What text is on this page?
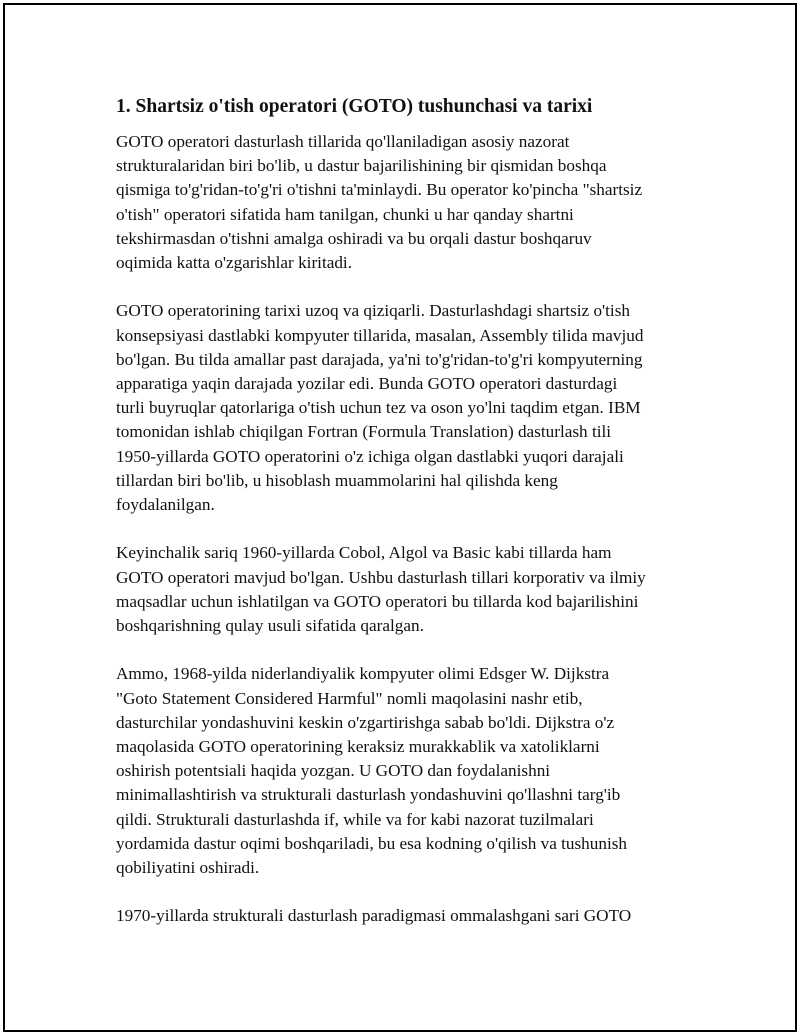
1. Shartsiz o'tish operatori (GOTO) tushunchasi va tarixi

GOTO operatori dasturlash tillarida qo'llaniladigan asosiy nazorat
strukturalaridan biri bo'lib, u dastur bajarilishining bir qismidan boshqa
qismiga to'g'ridan-to'g'ri o'tishni ta'minlaydi. Bu operator ko'pincha "shartsiz
o'tish" operatori sifatida ham tanilgan, chunki u har qanday shartni
tekshirmasdan o'tishni amalga oshiradi va bu orqali dastur boshqaruv
oqimida katta o'zgarishlar kiritadi.

GOTO operatorining tarixi uzoq va qiziqarli. Dasturlashdagi shartsiz o'tish
konsepsiyasi dastlabki kompyuter tillarida, masalan, Assembly tilida mavjud
bo'lgan. Bu tilda amallar past darajada, ya'ni to'g'ridan-to'g'ri kompyuterning
apparatiga yaqin darajada yozilar edi. Bunda GOTO operatori dasturdagi
turli buyruqlar qatorlariga o'tish uchun tez va oson yo'lni taqdim etgan. IBM
tomonidan ishlab chiqilgan Fortran (Formula Translation) dasturlash tili
1950-yillarda GOTO operatorini o'z ichiga olgan dastlabki yuqori darajali
tillardan biri bo'lib, u hisoblash muammolarini hal qilishda keng
foydalanilgan.

Keyinchalik sariq 1960-yillarda Cobol, Algol va Basic kabi tillarda ham
GOTO operatori mavjud bo'lgan. Ushbu dasturlash tillari korporativ va ilmiy
maqsadlar uchun ishlatilgan va GOTO operatori bu tillarda kod bajarilishini
boshqarishning qulay usuli sifatida qaralgan.

Ammo, 1968-yilda niderlandiyalik kompyuter olimi Edsger W. Dijkstra
"Goto Statement Considered Harmful" nomli maqolasini nashr etib,
dasturchilar yondashuvini keskin o'zgartirishga sabab bo'ldi. Dijkstra o'z
maqolasida GOTO operatorining keraksiz murakkablik va xatoliklarni
oshirish potentsiali haqida yozgan. U GOTO dan foydalanishni
minimallashtirish va strukturali dasturlash yondashuvini qo'llashni targ'ib
qildi. Strukturali dasturlashda if, while va for kabi nazorat tuzilmalari
yordamida dastur oqimi boshqariladi, bu esa kodning o'qilish va tushunish
qobiliyatini oshiradi.

1970-yillarda strukturali dasturlash paradigmasi ommalashgani sari GOTO
